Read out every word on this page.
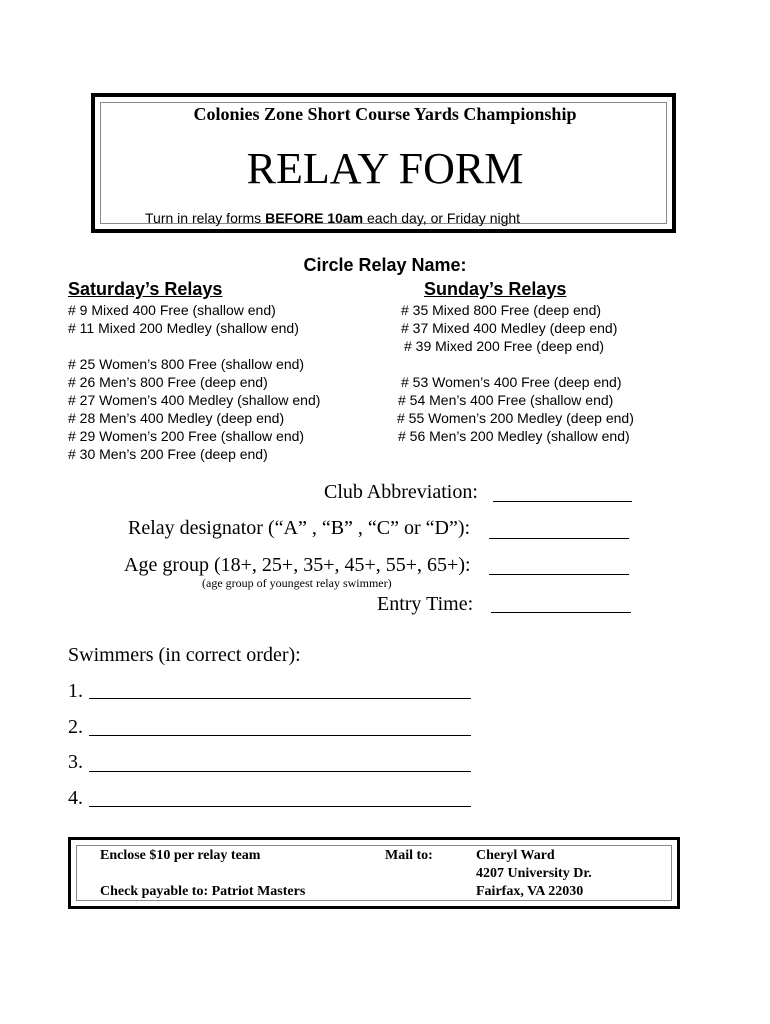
Colonies Zone Short Course Yards Championship
RELAY FORM
Turn in relay forms BEFORE 10am each day, or Friday night
Circle Relay Name:
Saturday’s Relays
# 9 Mixed 400 Free (shallow end)
# 11 Mixed 200 Medley (shallow end)
# 25 Women’s 800 Free (shallow end)
# 26 Men’s 800 Free (deep end)
# 27 Women’s 400 Medley (shallow end)
# 28 Men’s 400 Medley (deep end)
# 29 Women’s 200 Free (shallow end)
# 30 Men’s 200 Free (deep end)
Sunday’s Relays
# 35 Mixed 800 Free (deep end)
# 37 Mixed 400 Medley (deep end)
# 39 Mixed 200 Free (deep end)
# 53 Women’s 400 Free (deep end)
# 54 Men’s 400 Free (shallow end)
# 55 Women’s 200 Medley (deep end)
# 56 Men’s 200 Medley (shallow end)
Club Abbreviation:
Relay designator (“A” , “B” , “C” or “D”):
Age group (18+, 25+, 35+, 45+, 55+, 65+):
(age group of youngest relay swimmer)
Entry Time:
Swimmers (in correct order):
1.
2.
3.
4.
Enclose $10 per relay team
Check payable to: Patriot Masters
Mail to:	Cheryl Ward
4207 University Dr.
Fairfax, VA 22030
